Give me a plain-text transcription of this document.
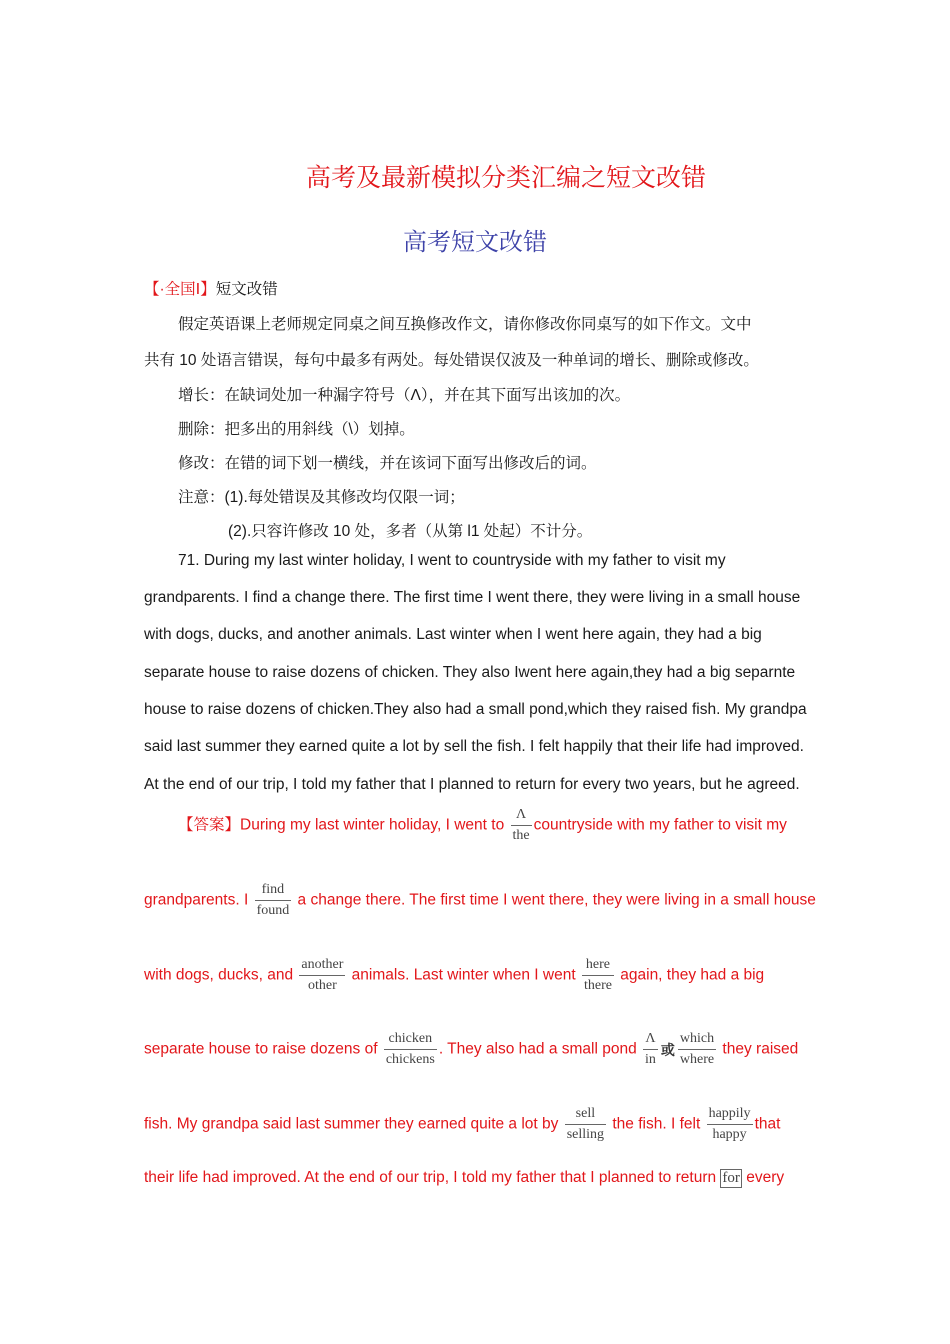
高考及最新模拟分类汇编之短文改错
高考短文改错
【·全国Ⅰ】短文改错
假定英语课上老师规定同桌之间互换修改作文，请你修改你同桌写的如下作文。文中
共有 10 处语言错误，每句中最多有两处。每处错误仅波及一种单词的增长、删除或修改。
增长：在缺词处加一种漏字符号（Λ），并在其下面写出该加的次。
删除：把多出的用斜线（\）划掉。
修改：在错的词下划一横线，并在该词下面写出修改后的词。
注意：(1).每处错误及其修改均仅限一词；
(2).只容许修改 10 处，多者（从第 l1 处起）不计分。
71. During my last winter holiday, I went to countryside with my father to visit my
grandparents. I find a change there. The first time I went there, they were living in a small house
with dogs, ducks, and another animals. Last winter when I went here again, they had a big
separate house to raise dozens of chicken. They also Iwent here again,they had a big separnte
house to raise dozens of chicken.They also had a small pond,which they raised fish. My grandpa
said last summer they earned quite a lot by sell the fish. I felt happily that their life had improved.
At the end of our trip, I told my father that I planned to return for every two years, but he agreed.
【答案】During my last winter holiday, I went to
Λ
the
countryside with my father to visit my
grandparents. I
find
found
a change there. The first time I went there, they were living in a small house
with dogs, ducks, and
another
other
animals. Last winter when I went
here
there
again, they had a big
separate house to raise dozens of
chicken
chickens
. They also had a small pond $\frac{\Lambda}{in}$ 或
which
where
they raised
fish. My grandpa said last summer they earned quite a lot by
sell
selling
the fish. I felt
happily
happy
that
their life had improved. At the end of our trip, I told my father that I planned to return for every
